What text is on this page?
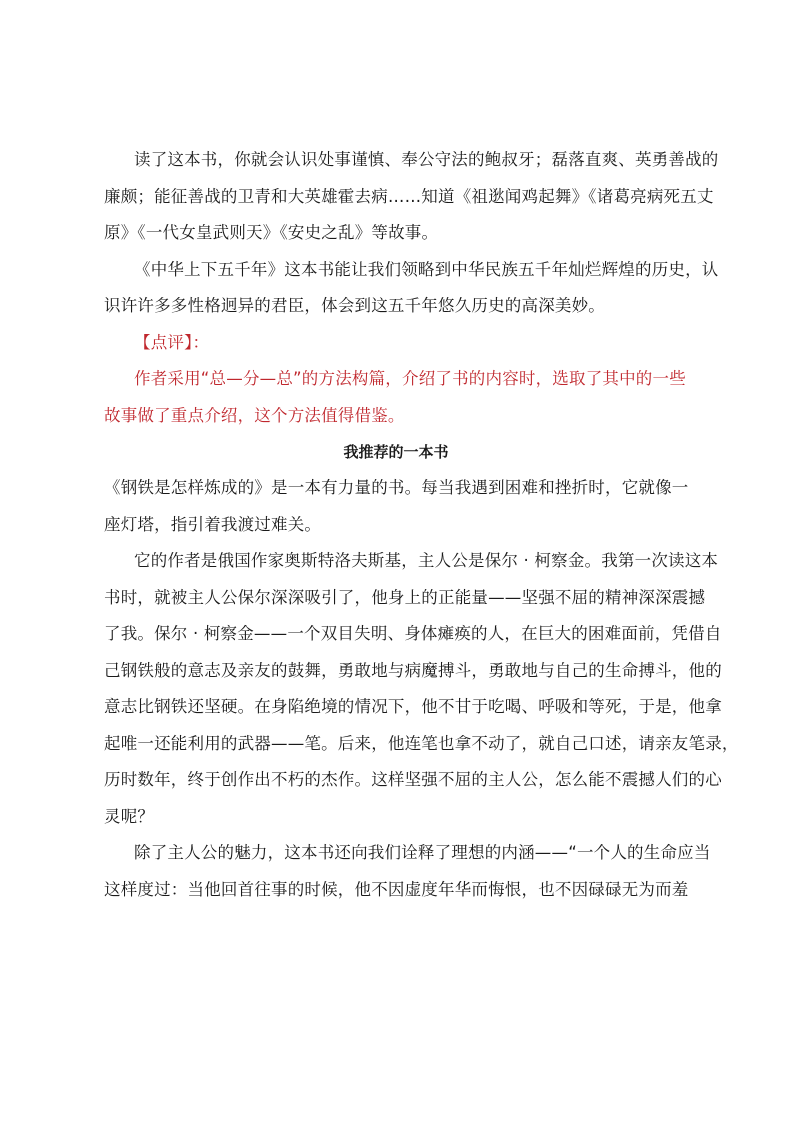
读了这本书，你就会认识处事谨慎、奉公守法的鲍叔牙；磊落直爽、英勇善战的
廉颇；能征善战的卫青和大英雄霍去病……知道《祖逖闻鸡起舞》《诸葛亮病死五丈
原》《一代女皇武则天》《安史之乱》等故事。
《中华上下五千年》这本书能让我们领略到中华民族五千年灿烂辉煌的历史，认
识许许多多性格迥异的君臣，体会到这五千年悠久历史的高深美妙。
【点评】：
作者采用“总—分—总”的方法构篇，介绍了书的内容时，选取了其中的一些
故事做了重点介绍，这个方法值得借鉴。
我推荐的一本书
《钢铁是怎样炼成的》是一本有力量的书。每当我遇到困难和挫折时，它就像一
座灯塔，指引着我渡过难关。
它的作者是俄国作家奥斯特洛夫斯基，主人公是保尔 · 柯察金。我第一次读这本
书时，就被主人公保尔深深吸引了，他身上的正能量——坚强不屈的精神深深震撼
了我。保尔 · 柯察金——一个双目失明、身体瘫痪的人，在巨大的困难面前，凭借自
己钢铁般的意志及亲友的鼓舞，勇敢地与病魔搏斗，勇敢地与自己的生命搏斗，他的
意志比钢铁还坚硬。在身陷绝境的情况下，他不甘于吃喝、呼吸和等死，于是，他拿
起唯一还能利用的武器——笔。后来，他连笔也拿不动了，就自己口述，请亲友笔录，
历时数年，终于创作出不朽的杰作。这样坚强不屈的主人公，怎么能不震撼人们的心
灵呢？
除了主人公的魅力，这本书还向我们诠释了理想的内涵——“一个人的生命应当
这样度过：当他回首往事的时候，他不因虚度年华而悔恨，也不因碌碌无为而羞
